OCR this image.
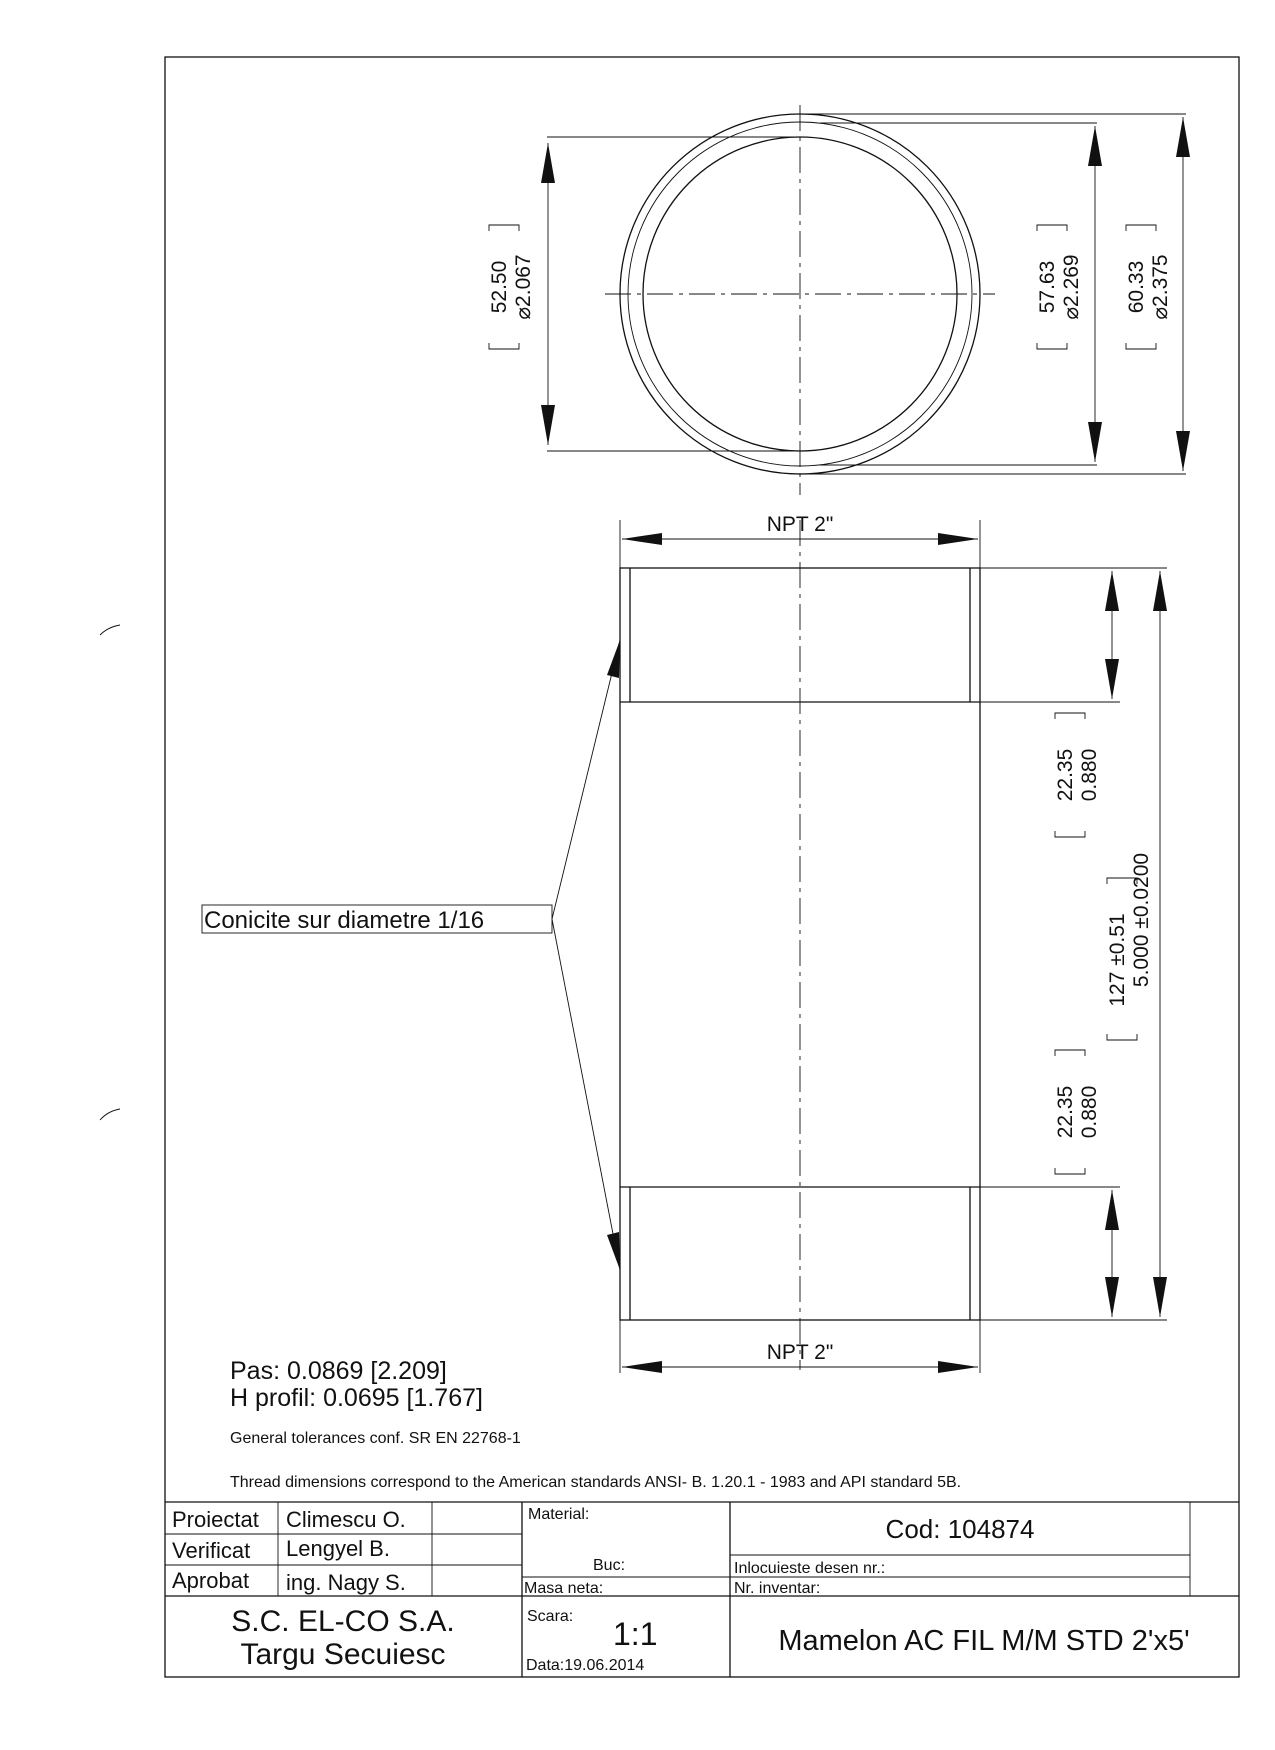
52.50 ⌀2.067	57.63 ⌀2.269 60.33 ⌀2.375
NPT 2"
NPT 2"
22.35 0.880
22.35 0.880
127 ±0.51 5.000 ±0.0200
Conicite sur diametre 1/16
Pas: 0.0869 [2.209]
H profil: 0.0695 [1.767]
General tolerances conf. SR EN 22768-1
Thread dimensions correspond to the American standards ANSI- B. 1.20.1 - 1983 and API standard 5B.
Proiectat Climescu O.
Verificat Lengyel B.
Aprobat ing. Nagy S.
Material:
Buc:
Masa neta:
Cod: 104874
Inlocuieste desen nr.:
Nr. inventar:
S.C. EL-CO S.A.
Targu Secuiesc
Scara: 1:1
Data:19.06.2014
Mamelon AC FIL M/M STD 2'x5'
